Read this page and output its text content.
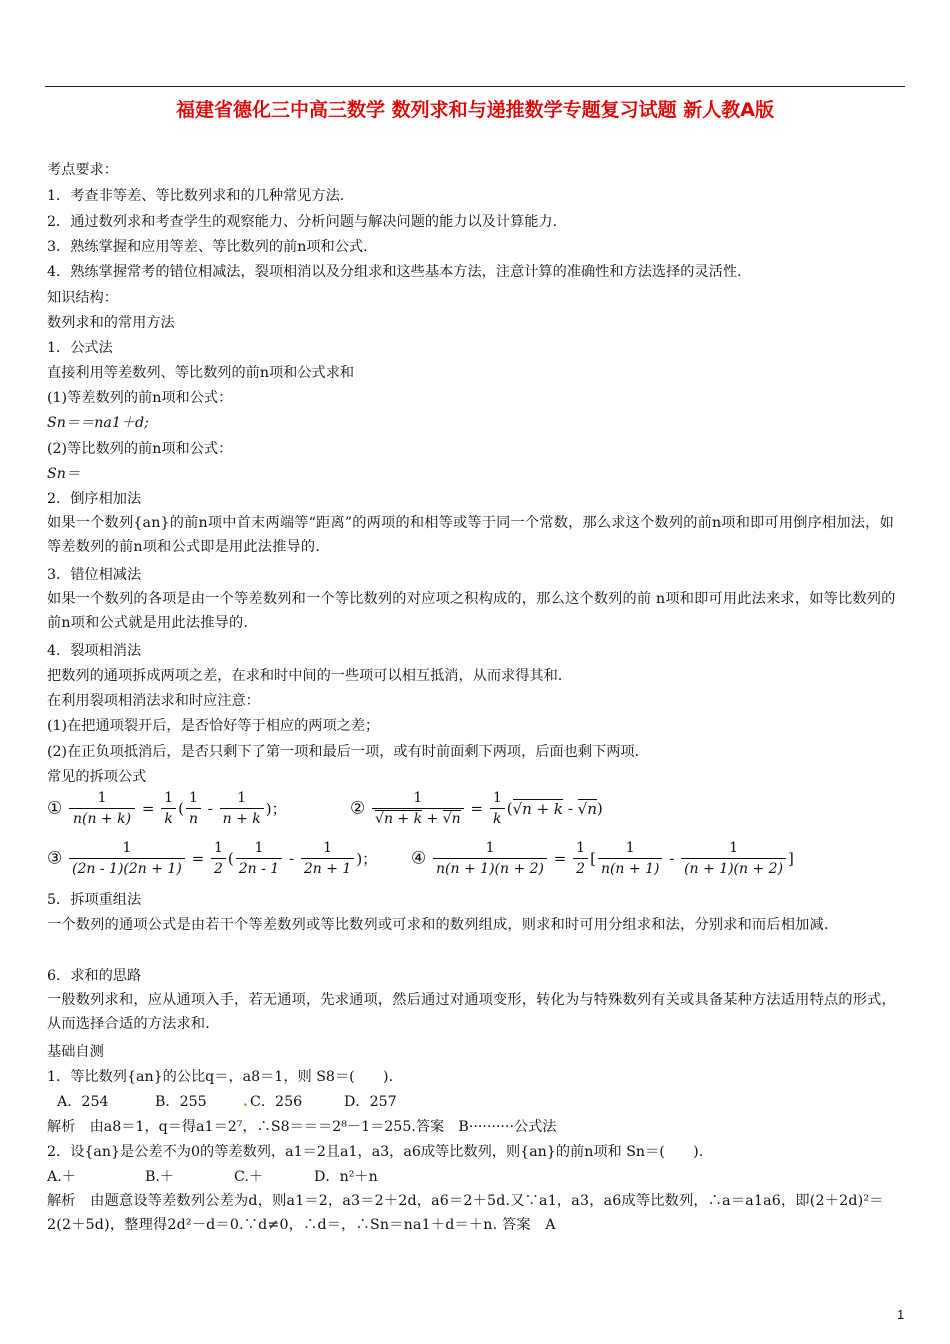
福建省德化三中高三数学 数列求和与递推数学专题复习试题 新人教A版
考点要求：
1．考查非等差、等比数列求和的几种常见方法.
2．通过数列求和考查学生的观察能力、分析问题与解决问题的能力以及计算能力.
3．熟练掌握和应用等差、等比数列的前n项和公式.
4．熟练掌握常考的错位相减法，裂项相消以及分组求和这些基本方法，注意计算的准确性和方法选择的灵活性.
知识结构：
数列求和的常用方法
1．公式法
直接利用等差数列、等比数列的前n项和公式求和
(1)等差数列的前n项和公式：
Sn＝＝na1＋d;
(2)等比数列的前n项和公式：
Sn＝
2．倒序相加法
如果一个数列{an}的前n项中首末两端等“距离”的两项的和相等或等于同一个常数，那么求这个数列的前n项和即可用倒序相加法，如等差数列的前n项和公式即是用此法推导的.
3．错位相减法
如果一个数列的各项是由一个等差数列和一个等比数列的对应项之积构成的，那么这个数列的前 n项和即可用此法来求，如等比数列的前n项和公式就是用此法推导的.
4．裂项相消法
把数列的通项拆成两项之差，在求和时中间的一些项可以相互抵消，从而求得其和.
在利用裂项相消法求和时应注意：
(1)在把通项裂开后，是否恰好等于相应的两项之差；
(2)在正负项抵消后，是否只剩下了第一项和最后一项，或有时前面剩下两项，后面也剩下两项.
常见的拆项公式
① $\frac{1}{n(n + k)} = \frac{1}{k}$ ( $\frac{1}{n} - \frac{1}{n + k}$ )；	② 1
√ n + k + √ $n = \frac{1}{k}$ ( √ n + k - √ n)
③ $\frac{1}{(2n - 1)(2n + 1)} = \frac{1}{2}$ ( $\frac{1}{2n - 1} - \frac{1}{2n + 1}$ )； ④ $\frac{1}{n(n + 1)(n + 2)} = \frac{1}{2}$ [ $\frac{1}{n(n + 1)} - \frac{1}{(n + 1)(n + 2)}$ ]
5．拆项重组法
一个数列的通项公式是由若干个等差数列或等比数列或可求和的数列组成，则求和时可用分组求和法，分别求和而后相加减.
6．求和的思路
一般数列求和，应从通项入手，若无通项，先求通项，然后通过对通项变形，转化为与特殊数列有关或具备某种方法适用特点的形式，从而选择合适的方法求和.
基础自测
1．等比数列{an}的公比q＝，a8＝1，则 S8＝(　　).
A．254	B．255	. C．256	D．257
解析　由a8＝1，q＝得a1＝2⁷，∴S8＝＝＝2⁸－1＝255.答案　B··········公式法
2．设{an}是公差不为0的等差数列，a1＝2且a1，a3，a6成等比数列，则{an}的前n项和 Sn＝(　　).
A.＋	B.＋	C.＋	D．n²＋n
解析　由题意设等差数列公差为d，则a1＝2，a3＝2＋2d，a6＝2＋5d.又∵a1，a3，a6成等比数列，∴a＝a1a6，即(2＋2d)²＝2(2＋5d)，整理得2d²－d＝0.∵d≠0，∴d＝，∴Sn＝na1＋d＝＋n. 答案　A
1
